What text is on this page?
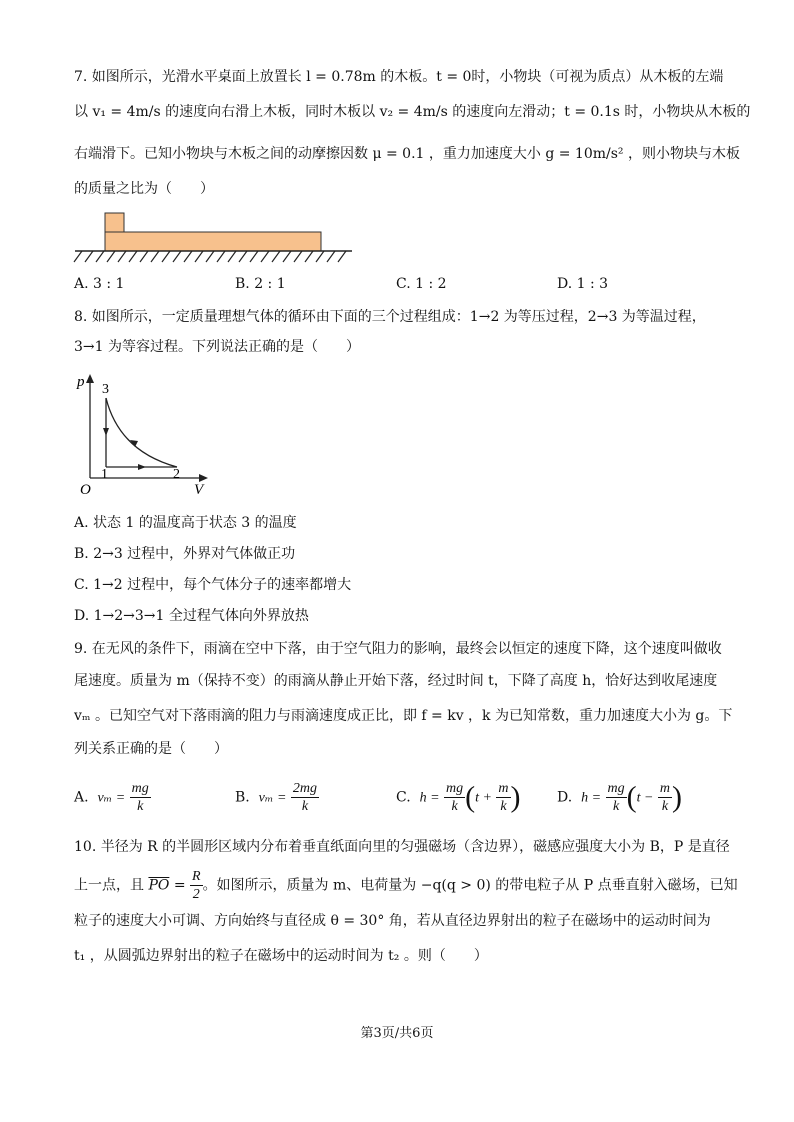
7. 如图所示，光滑水平桌面上放置长 l = 0.78m 的木板。t = 0时，小物块（可视为质点）从木板的左端
以 v₁ = 4m/s 的速度向右滑上木板，同时木板以 v₂ = 4m/s 的速度向左滑动；t = 0.1s 时，小物块从木板的
右端滑下。已知小物块与木板之间的动摩擦因数 μ = 0.1 ，重力加速度大小 g = 10m/s² ，则小物块与木板
的质量之比为（　　）
A. 3 : 1	B. 2 : 1	C. 1 : 2	D. 1 : 3
8. 如图所示，一定质量理想气体的循环由下面的三个过程组成：1→2 为等压过程，2→3 为等温过程，
3→1 为等容过程。下列说法正确的是（　　）
p
V
O
3
1	2
A. 状态 1 的温度高于状态 3 的温度
B. 2→3 过程中，外界对气体做正功
C. 1→2 过程中，每个气体分子的速率都增大
D. 1→2→3→1 全过程气体向外界放热
9. 在无风的条件下，雨滴在空中下落，由于空气阻力的影响，最终会以恒定的速度下降，这个速度叫做收
尾速度。质量为 m（保持不变）的雨滴从静止开始下落，经过时间 t，下降了高度 h，恰好达到收尾速度
vₘ 。已知空气对下落雨滴的阻力与雨滴速度成正比，即 f = kv ，k 为已知常数，重力加速度大小为 g。下
列关系正确的是（　　）
A. $v_m = \frac{mg}{k}$	B. $v_m = \frac{2mg}{k}$	C. $h = \frac{mg}{k} (t + \frac{m}{k}$ )	D. $h = \frac{mg}{k} (t - \frac{m}{k}$ )
10. 半径为 R 的半圆形区域内分布着垂直纸面向里的匀强磁场（含边界），磁感应强度大小为 B，P 是直径
上一点，且 $\overline{PO} = \frac{R}{2}$ 。如图所示，质量为 m、电荷量为 −q(q > 0) 的带电粒子从 P 点垂直射入磁场，已知
粒子的速度大小可调、方向始终与直径成 θ = 30° 角，若从直径边界射出的粒子在磁场中的运动时间为
t₁ ，从圆弧边界射出的粒子在磁场中的运动时间为 t₂ 。则（　　）
第3页/共6页
